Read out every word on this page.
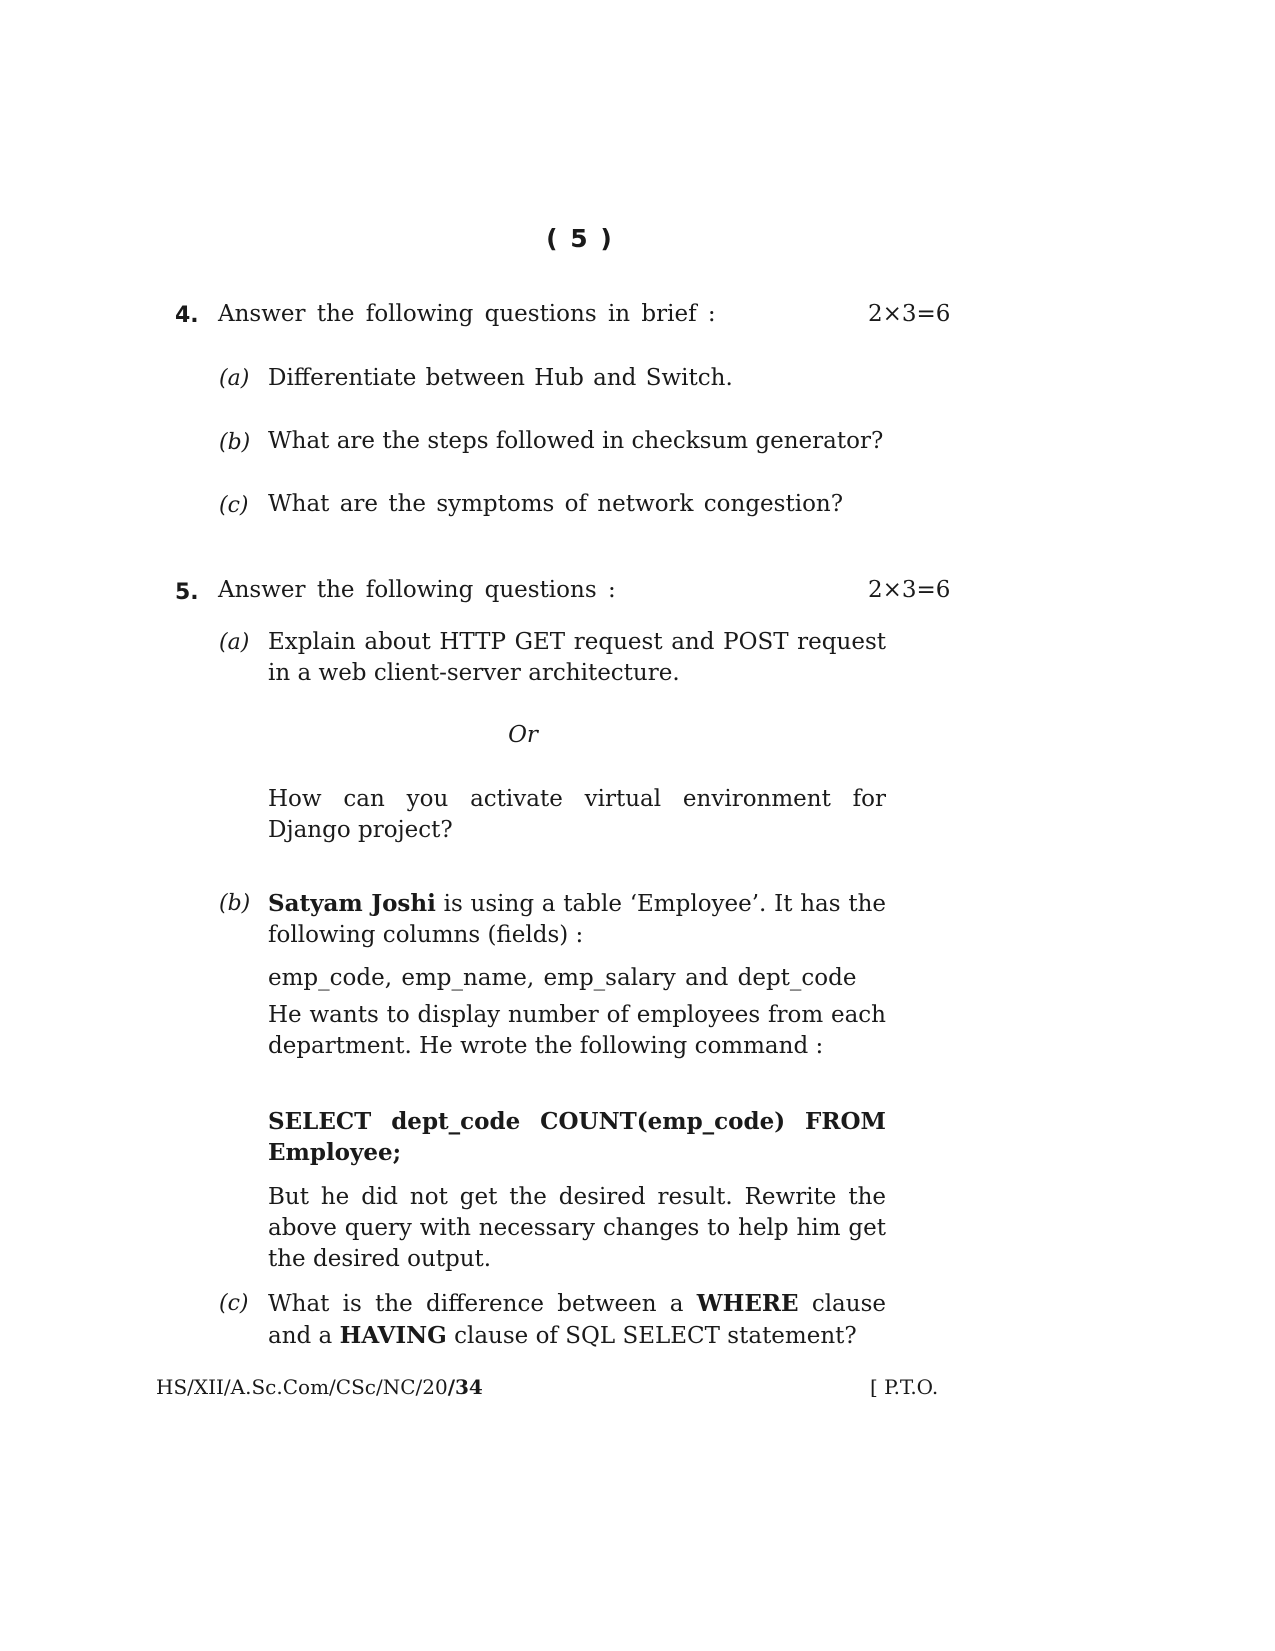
( 5 )
4. Answer the following questions in brief :	2×3=6
(a) Differentiate between Hub and Switch.
(b) What are the steps followed in checksum generator?
(c) What are the symptoms of network congestion?
5. Answer the following questions :	2×3=6
(a) Explain about HTTP GET request and POST request in a web client-server architecture.
Or
How can you activate virtual environment for Django project?
(b) Satyam Joshi is using a table ‘Employee’. It has the following columns (fields) :
emp_code, emp_name, emp_salary and dept_code
He wants to display number of employees from each department. He wrote the following command :
SELECT dept_code COUNT(emp_code) FROM
Employee;
But he did not get the desired result. Rewrite the above query with necessary changes to help him get the desired output.
(c) What is the difference between a WHERE clause and a HAVING clause of SQL SELECT statement?
HS/XII/A.Sc.Com/CSc/NC/20/34	[ P.T.O.
